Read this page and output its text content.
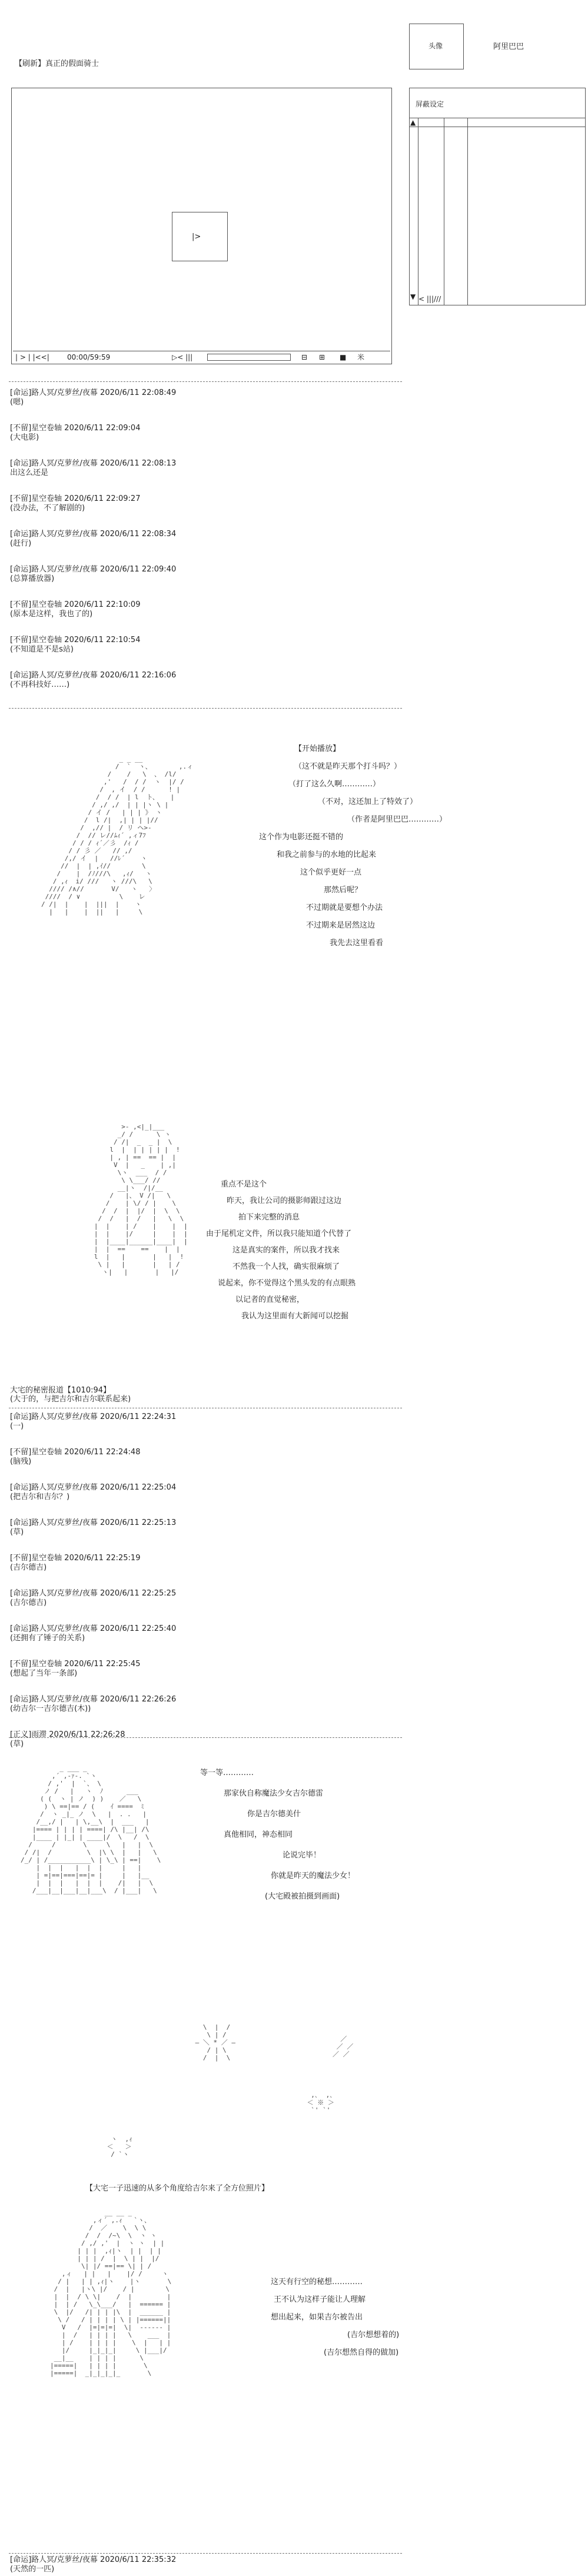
【刷新】真正的假面骑士
头像	阿里巴巴
|>
| > | |<<|	00:00/59:59	▷< |||	⊟ ⊞ ■ 米
屏蔽设定
▲
▼ < |||///
[命运]路人冥/克萝丝/夜幕 2020/6/11 22:08:49
(嗯)
[不留]星空卷轴 2020/6/11 22:09:04
(大电影)
[命运]路人冥/克萝丝/夜幕 2020/6/11 22:08:13
出这么还是
[不留]星空卷轴 2020/6/11 22:09:27
(没办法，不了解剧的)
[命运]路人冥/克萝丝/夜幕 2020/6/11 22:08:34
(赶行)
[命运]路人冥/克萝丝/夜幕 2020/6/11 22:09:40
(总算播放器)
[不留]星空卷轴 2020/6/11 22:10:09
(原本是这样，我也了的)
[不留]星空卷轴 2020/6/11 22:10:54
(不知道是不是s站)
[命运]路人冥/克萝丝/夜幕 2020/6/11 22:16:06
(不再科技好……)

_ _ __
/  `  ヽ、       ,.ィ
/    /   \  、 /l/
,'   /  / /  ヽ  |/ /
/  , イ  / /      ! |
/  / /  | l  ト、   |
/ ,/ ,/  | | |ヽ \ |
/ イ /   | | | 》 ヽ
/  l /|  ,| | | |//
/  ,// |  / リ ヘ>-
/  // レ//ﾑｨ´ ,ィ7ﾌ
/ / / ｨ´／彡  /ｨ /
/ / 彡 ／   // ,/
/,/ イ  |   //ﾚ´    ヽ
//  |  | ,ｲ//        \
/    |  /ﾉ///\   ,ｨ/   ヽ
/ ,ｨ  i/ ///   ヽ ///\   \
//// /∧//       V/   ヽ   〉
////  / ∨          \    レ
/ /|  |    |  |||  |    ヽ
|   |    |  ||   |     \

【开始播放】
（这不就是昨天那个打斗吗？）
（打了这么久啊…………）
（不对，这还加上了特效了）
（作者是阿里巴巴…………）
这个作为电影还挺不错的
和我之前参与的水地的比起来
这个似乎更好一点
那然后呢？
不过期就是要想个办法
不过期来是居然这边
我先去这里看看

>- ,<|_|___
_/ /      \ ヽ
/ /|  _  _ |  \
l  |  | | | | |  !
| , | ==  == |  |
V  |   _    | ,|
\ヽ  ___  / /
\ \___/ //
__|ヽ  /|/__
/   |、 V /|   \
/    | \/ / |    \
/  /  |  |/  |  \  \
/  /   |  /   |   \  \
|  |    | /    |    |  |
|  |    |/     |    |  |
|  |____|______|____|  |
|  |  ==    ==    |  |
l  |   |       |   |  !
\ |   |       |   | /
ヽ|   |       |   |/

重点不是这个
昨天，我让公司的摄影师跟过这边
拍下来完整的消息
由于尾机定文件，所以我只能知道个代替了
这是真实的案件，所以我才找来
不然我一个人找，确实很麻烦了
说起来，你不觉得这个黑头发的有点眼熟
以记者的直觉秘密，
我认为这里面有大新闻可以挖掘
大宅的秘密报道【1010:94】
(大于的，与把吉尔和吉尔联系起来)
[命运]路人冥/克萝丝/夜幕 2020/6/11 22:24:31
(一)
[不留]星空卷轴 2020/6/11 22:24:48
(脑残)
[命运]路人冥/克萝丝/夜幕 2020/6/11 22:25:04
(把吉尔和吉尔？)
[命运]路人冥/克萝丝/夜幕 2020/6/11 22:25:13
(草)
[不留]星空卷轴 2020/6/11 22:25:19
(吉尔德吉)
[命运]路人冥/克萝丝/夜幕 2020/6/11 22:25:25
(吉尔德吉)
[命运]路人冥/克萝丝/夜幕 2020/6/11 22:25:40
(还拥有了锤子的关系)
[不留]星空卷轴 2020/6/11 22:25:45
(想起了当年一条部)
[命运]路人冥/克萝丝/夜幕 2020/6/11 22:26:26
(幼吉尔一吉尔德吉(木))
[正义]雨滞 2020/6/11 22:26:28
(草)

_ ___ _
,´ ,-ｧ-. `ヽ
/ ,'  |  `、 \
ノ /   |   ヽ  ﾉ      ___
( (  ヽ | ノ  ) )    ／   \
) \ ==|== / (    ｲ ====  ﾐ
/  ヽ _|_ ノ  \   |  . .   |
/__,/ |   | \,__\  |  ___   |
|==== | | | | ====| /\ |__| /\
|____ | |_| | ____|/  \   /  \
/     /       \     \   |   |  \
/ /|  /         \  |\ \  |   |   \
/_/ | /___________\ | \_\ | ==|    \
|  |  |   |  |  |     |   |
| =|==|===|==|= |     |   |__
|  |  |   |  |  |    /|   |  \
/___|__|___|__|___\  / |___|   \

等一等…………
那家伙自称魔法少女吉尔德雷
你是吉尔德美什
真他相同，神态相同
论说完毕！
你就是昨天的魔法少女！
(大宅殿被拍摄到画面)

\  |  /
\ | /
― ＼ * ／ ―
/ | \
/  |  \

,､  ,､
＜ ※ ＞
`' `'

ヽ  ,ｨ
＜   ＞
/ `ヽ

／
／ ／
／ ／

【大宅一子迅速的从多个角度给吉尔来了全方位照片】

__ __ _
,ィ´ ,.ｨ   `ヽ、
/  ／    \  \ \
/  /  /~\  \  ヽ ヽ
/ ,/ ,'  |  ヽ ヽ  | |
| | |  ,ｨ|ヽ  | |  | |
| | | /  |  \ | |  |/
\| |/ ==|== \| | /
,ィ   | |   |    |/ /     ヽ
/ |   | | ,ｨ|ヽ    |ヽ       \
/  |   |ヽ\ |/    / |        \
|  |  / \ \|    /  |         |
|  | /   \_\___/   |  ====== |
\  |/   /| | | |\  |  ______ |
\ /   / | | | | \ | |======||
V   /  |=|=|=|  \|  ------ |
|  /   | | | |   \    ___  |
| /    | | | |    \  |   | |
|/     |_|_|_|     \ |___|/
__|__    | | | |      \
|=====|   | | | |       \
|=====|  _|_|_|_|_       \

这天有行空的秘想…………
王不认为这样子能让人理解
想出起来，如果吉尔被告出
(吉尔想想着的)
(吉尔想然自得的做加)
[命运]路人冥/克萝丝/夜幕 2020/6/11 22:35:32
(天然的一匹)
